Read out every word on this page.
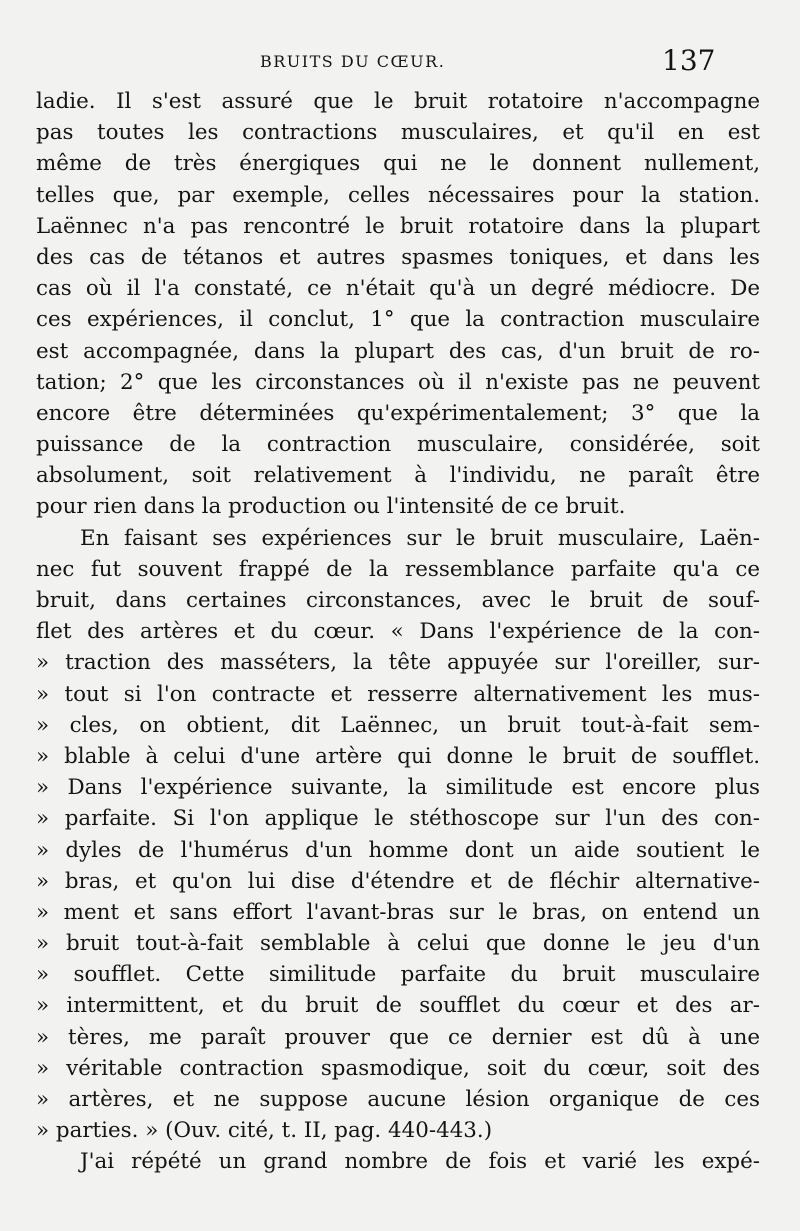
BRUITS DU CŒUR.	137
ladie. Il s'est assuré que le bruit rotatoire n'accompagne
pas toutes les contractions musculaires, et qu'il en est
même de très énergiques qui ne le donnent nullement,
telles que, par exemple, celles nécessaires pour la station.
Laënnec n'a pas rencontré le bruit rotatoire dans la plupart
des cas de tétanos et autres spasmes toniques, et dans les
cas où il l'a constaté, ce n'était qu'à un degré médiocre. De
ces expériences, il conclut, 1° que la contraction musculaire
est accompagnée, dans la plupart des cas, d'un bruit de ro-
tation; 2° que les circonstances où il n'existe pas ne peuvent
encore être déterminées qu'expérimentalement; 3° que la
puissance de la contraction musculaire, considérée, soit
absolument, soit relativement à l'individu, ne paraît être
pour rien dans la production ou l'intensité de ce bruit.
En faisant ses expériences sur le bruit musculaire, Laën-
nec fut souvent frappé de la ressemblance parfaite qu'a ce
bruit, dans certaines circonstances, avec le bruit de souf-
flet des artères et du cœur. « Dans l'expérience de la con-
» traction des masséters, la tête appuyée sur l'oreiller, sur-
» tout si l'on contracte et resserre alternativement les mus-
» cles, on obtient, dit Laënnec, un bruit tout-à-fait sem-
» blable à celui d'une artère qui donne le bruit de soufflet.
» Dans l'expérience suivante, la similitude est encore plus
» parfaite. Si l'on applique le stéthoscope sur l'un des con-
» dyles de l'humérus d'un homme dont un aide soutient le
» bras, et qu'on lui dise d'étendre et de fléchir alternative-
» ment et sans effort l'avant-bras sur le bras, on entend un
» bruit tout-à-fait semblable à celui que donne le jeu d'un
» soufflet. Cette similitude parfaite du bruit musculaire
» intermittent, et du bruit de soufflet du cœur et des ar-
» tères, me paraît prouver que ce dernier est dû à une
» véritable contraction spasmodique, soit du cœur, soit des
» artères, et ne suppose aucune lésion organique de ces
» parties. » (Ouv. cité, t. II, pag. 440-443.)
J'ai répété un grand nombre de fois et varié les expé-
